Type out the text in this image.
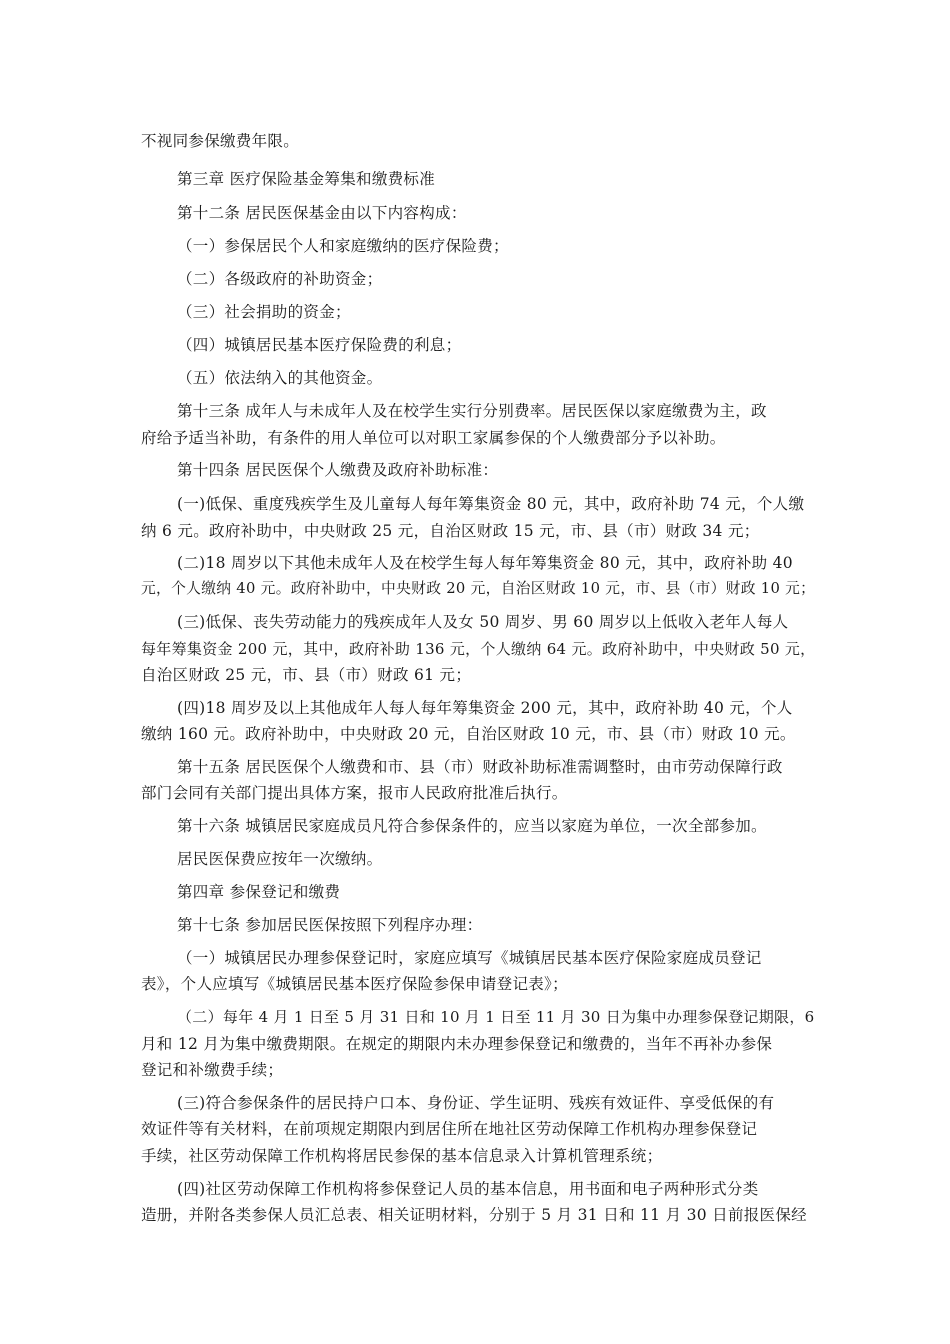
不视同参保缴费年限。
第三章 医疗保险基金筹集和缴费标准
第十二条 居民医保基金由以下内容构成：
（一）参保居民个人和家庭缴纳的医疗保险费；
（二）各级政府的补助资金；
（三）社会捐助的资金；
（四）城镇居民基本医疗保险费的利息；
（五）依法纳入的其他资金。
第十三条 成年人与未成年人及在校学生实行分别费率。居民医保以家庭缴费为主，政
府给予适当补助，有条件的用人单位可以对职工家属参保的个人缴费部分予以补助。
第十四条 居民医保个人缴费及政府补助标准：
(一)低保、重度残疾学生及儿童每人每年筹集资金 80 元，其中，政府补助 74 元，个人缴
纳 6 元。政府补助中，中央财政 25 元，自治区财政 15 元，市、县（市）财政 34 元；
(二)18 周岁以下其他未成年人及在校学生每人每年筹集资金 80 元，其中，政府补助 40
元，个人缴纳 40 元。政府补助中，中央财政 20 元，自治区财政 10 元，市、县（市）财政 10 元；
(三)低保、丧失劳动能力的残疾成年人及女 50 周岁、男 60 周岁以上低收入老年人每人
每年筹集资金 200 元，其中，政府补助 136 元，个人缴纳 64 元。政府补助中，中央财政 50 元，
自治区财政 25 元，市、县（市）财政 61 元；
(四)18 周岁及以上其他成年人每人每年筹集资金 200 元，其中，政府补助 40 元，个人
缴纳 160 元。政府补助中，中央财政 20 元，自治区财政 10 元，市、县（市）财政 10 元。
第十五条 居民医保个人缴费和市、县（市）财政补助标准需调整时，由市劳动保障行政
部门会同有关部门提出具体方案，报市人民政府批准后执行。
第十六条 城镇居民家庭成员凡符合参保条件的，应当以家庭为单位，一次全部参加。
居民医保费应按年一次缴纳。
第四章 参保登记和缴费
第十七条 参加居民医保按照下列程序办理：
（一）城镇居民办理参保登记时，家庭应填写《城镇居民基本医疗保险家庭成员登记
表》，个人应填写《城镇居民基本医疗保险参保申请登记表》；
（二）每年 4 月 1 日至 5 月 31 日和 10 月 1 日至 11 月 30 日为集中办理参保登记期限，6
月和 12 月为集中缴费期限。在规定的期限内未办理参保登记和缴费的，当年不再补办参保
登记和补缴费手续；
(三)符合参保条件的居民持户口本、身份证、学生证明、残疾有效证件、享受低保的有
效证件等有关材料，在前项规定期限内到居住所在地社区劳动保障工作机构办理参保登记
手续，社区劳动保障工作机构将居民参保的基本信息录入计算机管理系统；
(四)社区劳动保障工作机构将参保登记人员的基本信息，用书面和电子两种形式分类
造册，并附各类参保人员汇总表、相关证明材料，分别于 5 月 31 日和 11 月 30 日前报医保经
